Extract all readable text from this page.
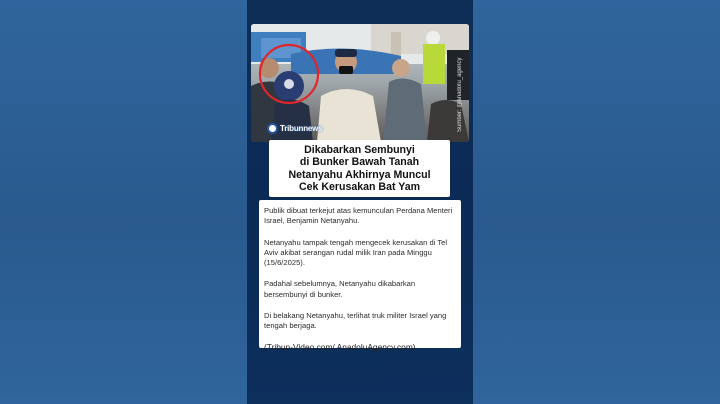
Tribunnews	Sumber: @anadolu_agency
Dikabarkan Sembunyi
di Bunker Bawah Tanah
Netanyahu Akhirnya Muncul
Cek Kerusakan Bat Yam

Publik dibuat terkejut atas kemunculan Perdana Menteri Israel, Benjamin Netanyahu.

Netanyahu tampak tengah mengecek kerusakan di Tel Aviv akibat serangan rudal milik Iran pada Minggu (15/6/2025).

Padahal sebelumnya, Netanyahu dikabarkan bersembunyi di bunker.

Di belakang Netanyahu, terlihat truk militer Israel yang tengah berjaga.

(Tribun-Video.com/ AnadoluAgency.com)
